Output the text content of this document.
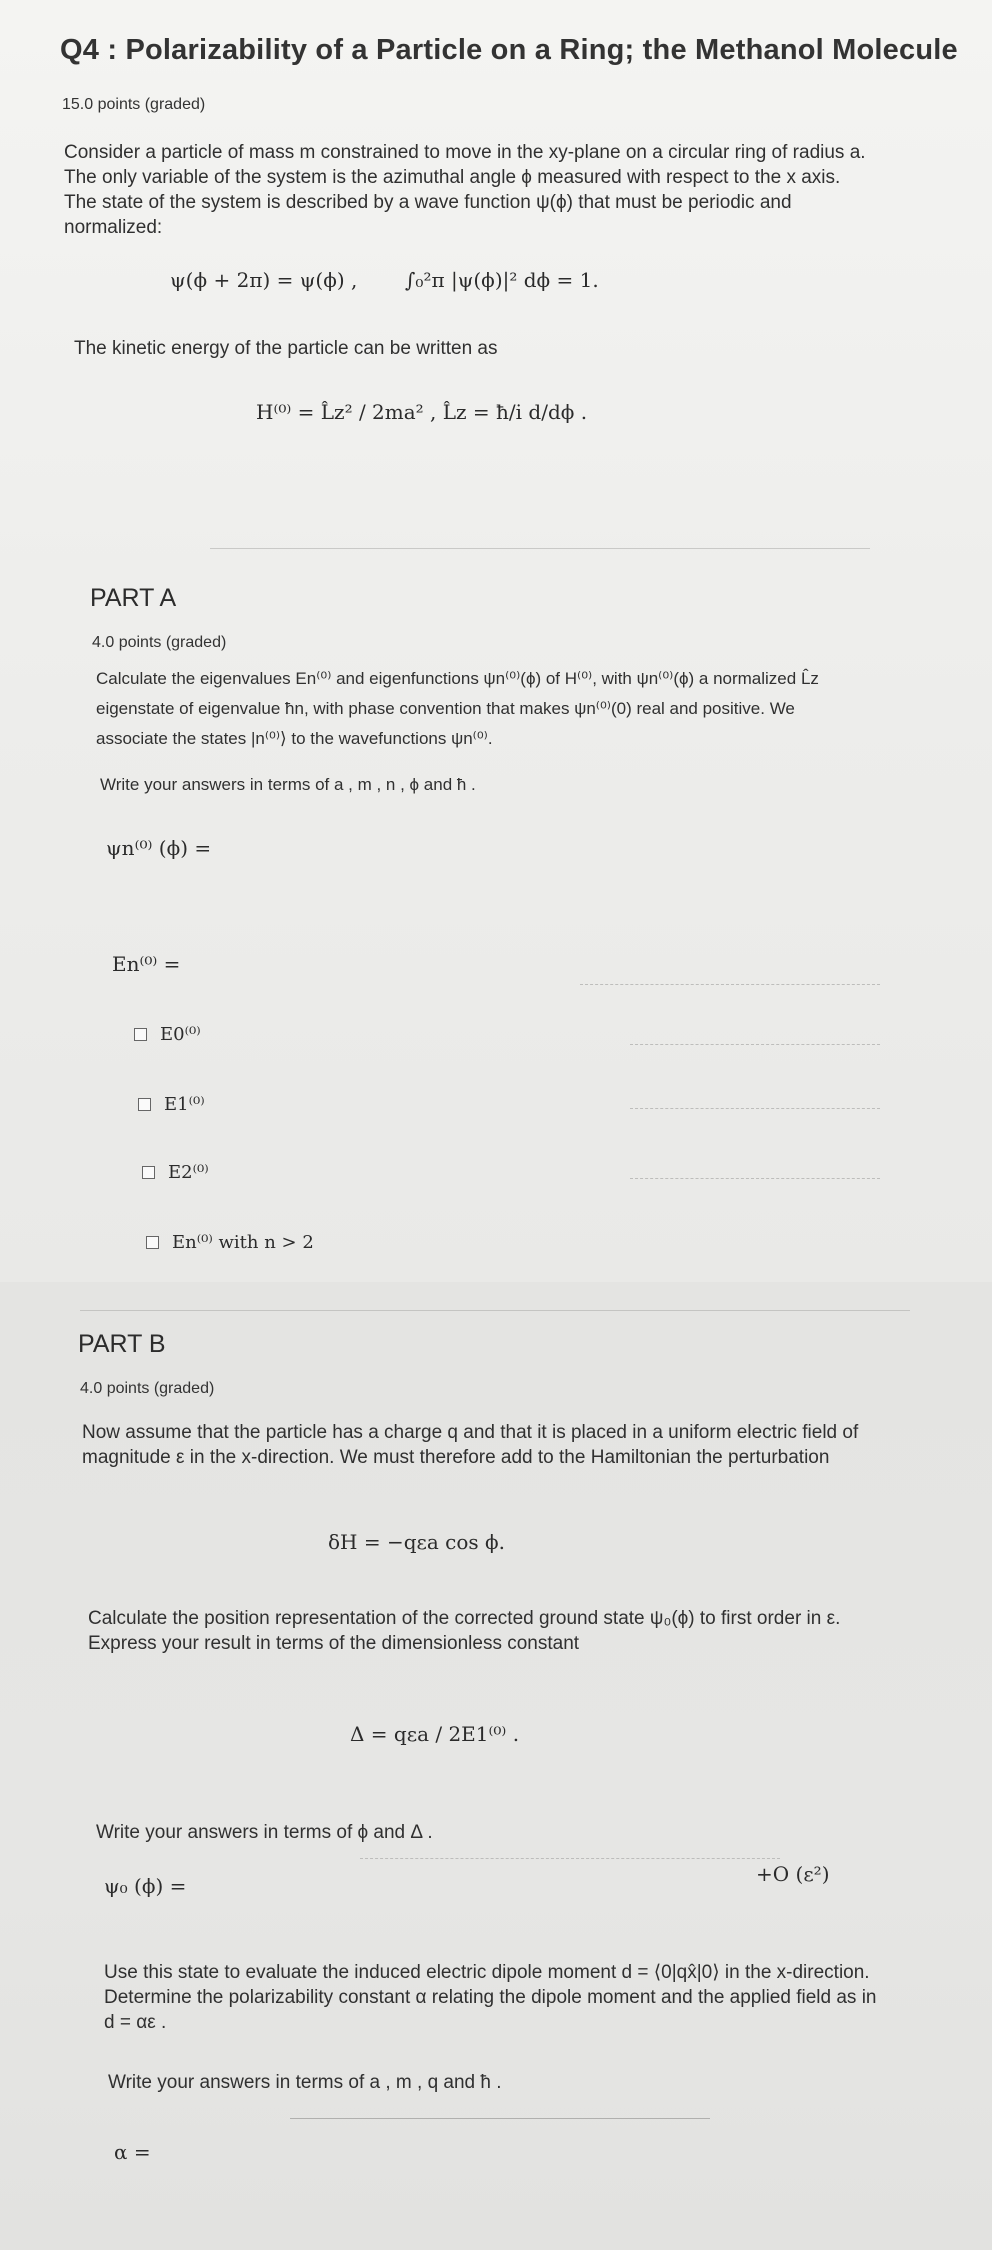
Q4 : Polarizability of a Particle on a Ring; the Methanol Molecule
15.0 points (graded)
Consider a particle of mass m constrained to move in the xy-plane on a circular ring of radius a. The only variable of the system is the azimuthal angle ϕ measured with respect to the x axis. The state of the system is described by a wave function ψ(ϕ) that must be periodic and normalized:
ψ(ϕ + 2π) = ψ(ϕ) , ∫₀²π |ψ(ϕ)|² dϕ = 1.
The kinetic energy of the particle can be written as
H⁽⁰⁾ = L̂z² / 2ma² , L̂z = ħ/i d/dϕ .
PART A
4.0 points (graded)
Calculate the eigenvalues En⁽⁰⁾ and eigenfunctions ψn⁽⁰⁾(ϕ) of H⁽⁰⁾, with ψn⁽⁰⁾(ϕ) a normalized L̂z eigenstate of eigenvalue ħn, with phase convention that makes ψn⁽⁰⁾(0) real and positive. We associate the states |n⁽⁰⁾⟩ to the wavefunctions ψn⁽⁰⁾.
Write your answers in terms of a , m , n , ϕ and ħ .
ψn⁽⁰⁾ (ϕ) =
En⁽⁰⁾ =
E0⁽⁰⁾
E1⁽⁰⁾
E2⁽⁰⁾
En⁽⁰⁾ with n > 2
PART B
4.0 points (graded)
Now assume that the particle has a charge q and that it is placed in a uniform electric field of magnitude ε in the x-direction. We must therefore add to the Hamiltonian the perturbation
δH = −qεa cos ϕ.
Calculate the position representation of the corrected ground state ψ₀(ϕ) to first order in ε. Express your result in terms of the dimensionless constant
Δ = qεa / 2E1⁽⁰⁾ .
Write your answers in terms of ϕ and Δ .
ψ₀ (ϕ) =	+O (ε²)
Use this state to evaluate the induced electric dipole moment d = ⟨0|qx̂|0⟩ in the x-direction. Determine the polarizability constant α relating the dipole moment and the applied field as in d = αε .
Write your answers in terms of a , m , q and ħ .
α =
